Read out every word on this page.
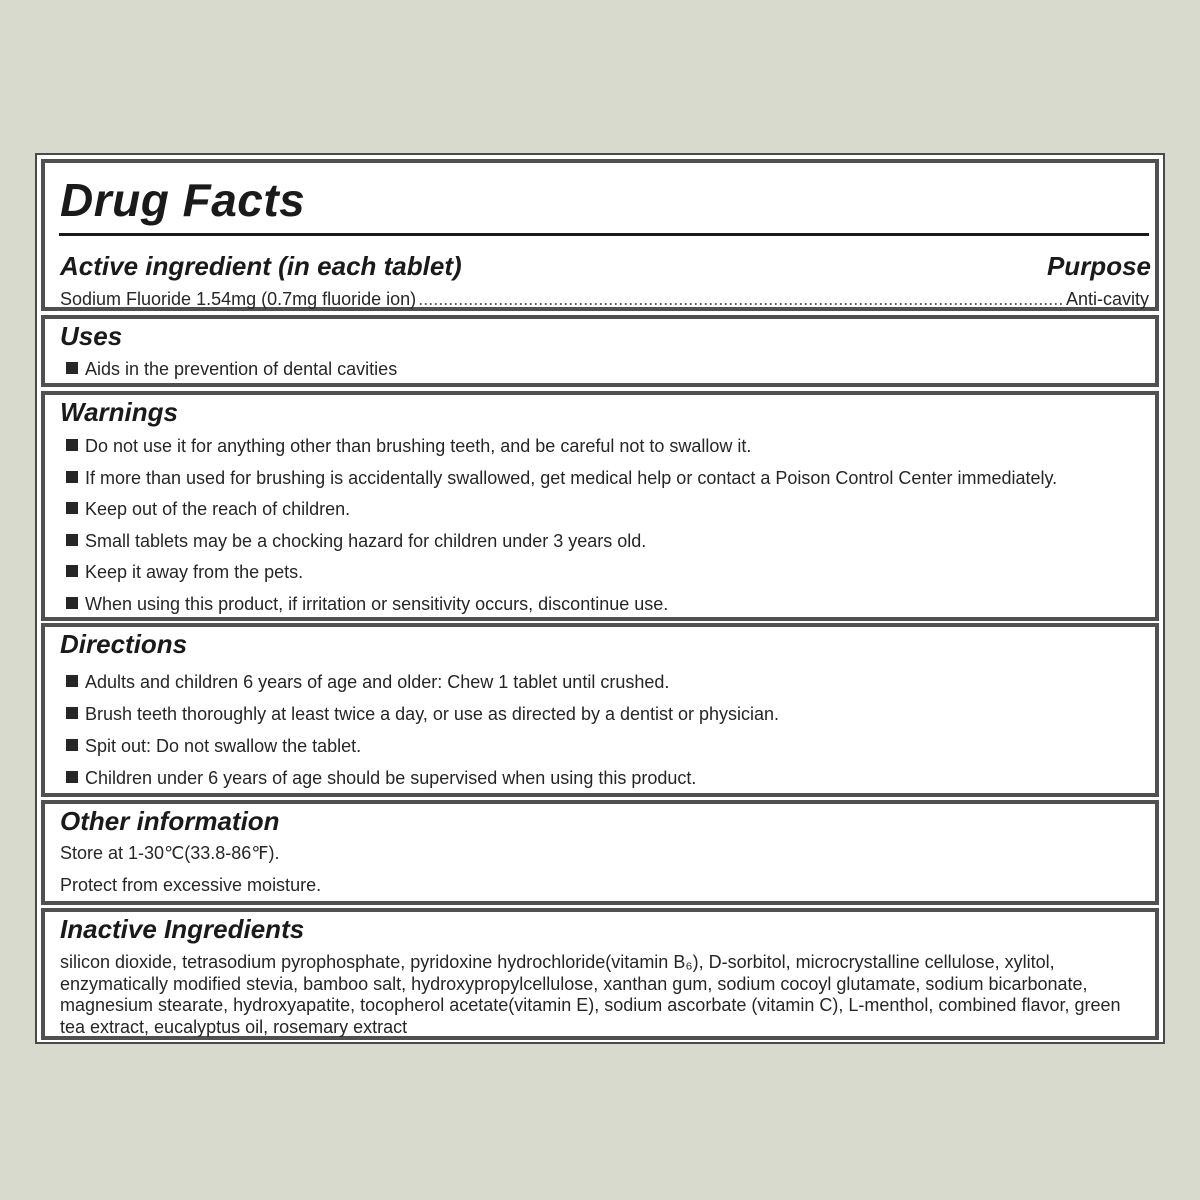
Drug Facts
Active ingredient (in each tablet)	Purpose
Sodium Fluoride 1.54mg (0.7mg fluoride ion)
.....	Anti-cavity
Uses
Aids in the prevention of dental cavities
Warnings
Do not use it for anything other than brushing teeth, and be careful not to swallow it.
If more than used for brushing is accidentally swallowed, get medical help or contact a Poison Control Center immediately.
Keep out of the reach of children.
Small tablets may be a chocking hazard for children under 3 years old.
Keep it away from the pets.
When using this product, if irritation or sensitivity occurs, discontinue use.
Directions
Adults and children 6 years of age and older: Chew 1 tablet until crushed.
Brush teeth thoroughly at least twice a day, or use as directed by a dentist or physician.
Spit out: Do not swallow the tablet.
Children under 6 years of age should be supervised when using this product.
Other information
Store at 1-30℃(33.8-86℉).
Protect from excessive moisture.
Inactive Ingredients
silicon dioxide, tetrasodium pyrophosphate, pyridoxine hydrochloride(vitamin B₆), D-sorbitol, microcrystalline cellulose, xylitol, enzymatically modified stevia, bamboo salt, hydroxypropylcellulose, xanthan gum, sodium cocoyl glutamate, sodium bicarbonate, magnesium stearate, hydroxyapatite, tocopherol acetate(vitamin E), sodium ascorbate (vitamin C), L-menthol, combined flavor, green tea extract, eucalyptus oil, rosemary extract
